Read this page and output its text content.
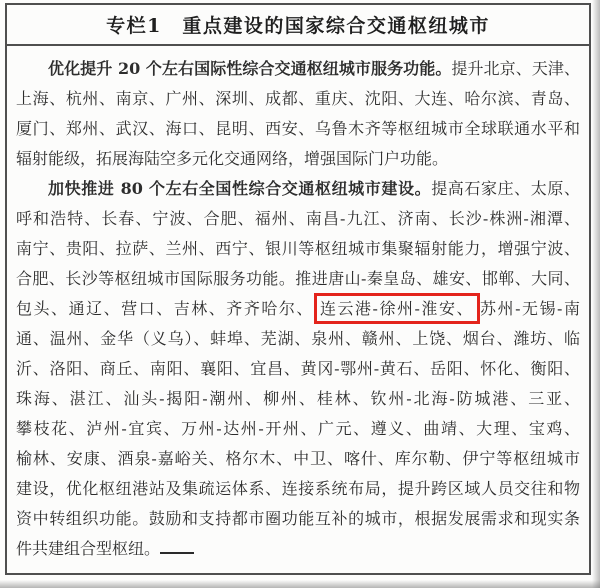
专栏1　重点建设的国家综合交通枢纽城市
优化提升 20 个左右国际性综合交通枢纽城市服务功能。提升北京、天津、
上海、杭州、南京、广州、深圳、成都、重庆、沈阳、大连、哈尔滨、青岛、
厦门、郑州、武汉、海口、昆明、西安、乌鲁木齐等枢纽城市全球联通水平和
辐射能级，拓展海陆空多元化交通网络，增强国际门户功能。
加快推进 80 个左右全国性综合交通枢纽城市建设。提高石家庄、太原、
呼和浩特、长春、宁波、合肥、福州、南昌-九江、济南、长沙-株洲-湘潭、
南宁、贵阳、拉萨、兰州、西宁、银川等枢纽城市集聚辐射能力，增强宁波、
合肥、长沙等枢纽城市国际服务功能。推进唐山-秦皇岛、雄安、邯郸、大同、
包头、通辽、营口、吉林、齐齐哈尔、 连云港-徐州-淮安、 苏州-无锡-南
通、温州、金华（义乌）、蚌埠、芜湖、泉州、赣州、上饶、烟台、潍坊、临
沂、洛阳、商丘、南阳、襄阳、宜昌、黄冈-鄂州-黄石、岳阳、怀化、衡阳、
珠海、湛江、汕头-揭阳-潮州、柳州、桂林、钦州-北海-防城港、三亚、
攀枝花、泸州-宜宾、万州-达州-开州、广元、遵义、曲靖、大理、宝鸡、
榆林、安康、酒泉-嘉峪关、格尔木、中卫、喀什、库尔勒、伊宁等枢纽城市
建设，优化枢纽港站及集疏运体系、连接系统布局，提升跨区域人员交往和物
资中转组织功能。鼓励和支持都市圈功能互补的城市，根据发展需求和现实条
件共建组合型枢纽。
